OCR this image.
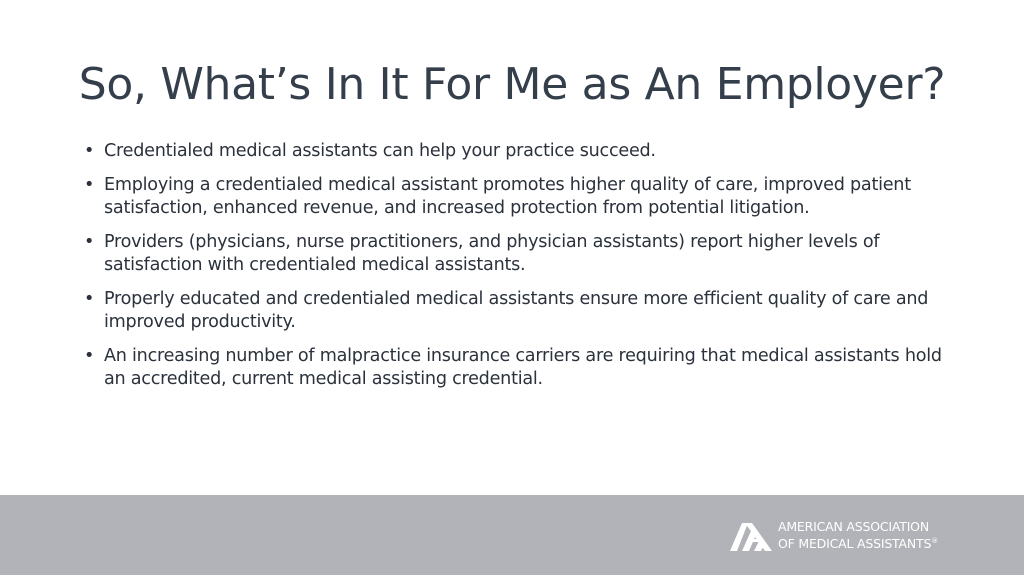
So, What’s In It For Me as An Employer?
• Credentialed medical assistants can help your practice succeed.
• Employing a credentialed medical assistant promotes higher quality of care, improved patient satisfaction, enhanced revenue, and increased protection from potential litigation.
• Providers (physicians, nurse practitioners, and physician assistants) report higher levels of satisfaction with credentialed medical assistants.
• Properly educated and credentialed medical assistants ensure more efficient quality of care and improved productivity.
• An increasing number of malpractice insurance carriers are requiring that medical assistants hold an accredited, current medical assisting credential.
AMERICAN ASSOCIATION
OF MEDICAL ASSISTANTS®
